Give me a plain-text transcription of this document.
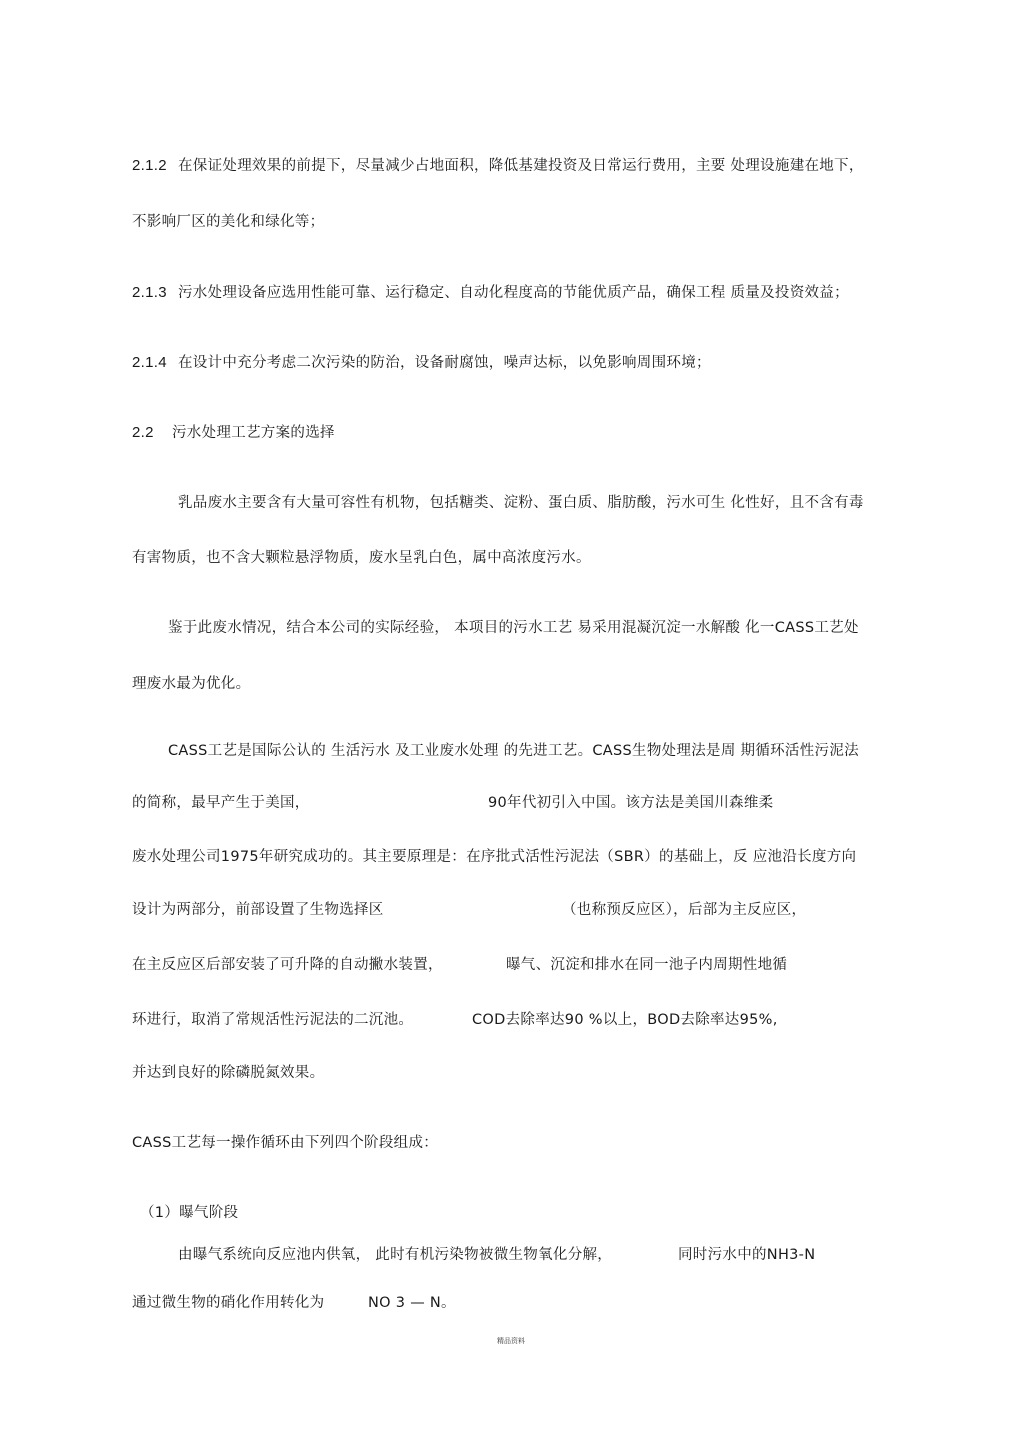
2.1.2 在保证处理效果的前提下，尽量减少占地面积，降低基建投资及日常运行费用，主要 处理设施建在地下，
不影响厂区的美化和绿化等；
2.1.3 污水处理设备应选用性能可靠、运行稳定、自动化程度高的节能优质产品，确保工程 质量及投资效益；
2.1.4 在设计中充分考虑二次污染的防治，设备耐腐蚀，噪声达标，以免影响周围环境；
2.2 污水处理工艺方案的选择
乳品废水主要含有大量可容性有机物，包括糖类、淀粉、蛋白质、脂肪酸，污水可生 化性好，且不含有毒
有害物质，也不含大颗粒悬浮物质，废水呈乳白色，属中高浓度污水。
鉴于此废水情况，结合本公司的实际经验， 本项目的污水工艺 易采用混凝沉淀一水解酸 化一CASS工艺处
理废水最为优化。
CASS工艺是国际公认的 生活污水 及工业废水处理 的先进工艺。CASS生物处理法是周 期循环活性污泥法
的简称，最早产生于美国，	90年代初引入中国。该方法是美国川森维柔
废水处理公司1975年研究成功的。其主要原理是：在序批式活性污泥法（SBR）的基础上，反 应池沿长度方向
设计为两部分，前部设置了生物选择区	（也称预反应区），后部为主反应区，
在主反应区后部安装了可升降的自动撇水装置，	曝气、沉淀和排水在同一池子内周期性地循
环进行，取消了常规活性污泥法的二沉池。	COD去除率达90 %以上，BOD去除率达95%,
并达到良好的除磷脱氮效果。
CASS工艺每一操作循环由下列四个阶段组成：
（1）曝气阶段
由曝气系统向反应池内供氧， 此时有机污染物被微生物氧化分解，	同时污水中的NH3-N
通过微生物的硝化作用转化为	NO 3 — N。
精品资料
